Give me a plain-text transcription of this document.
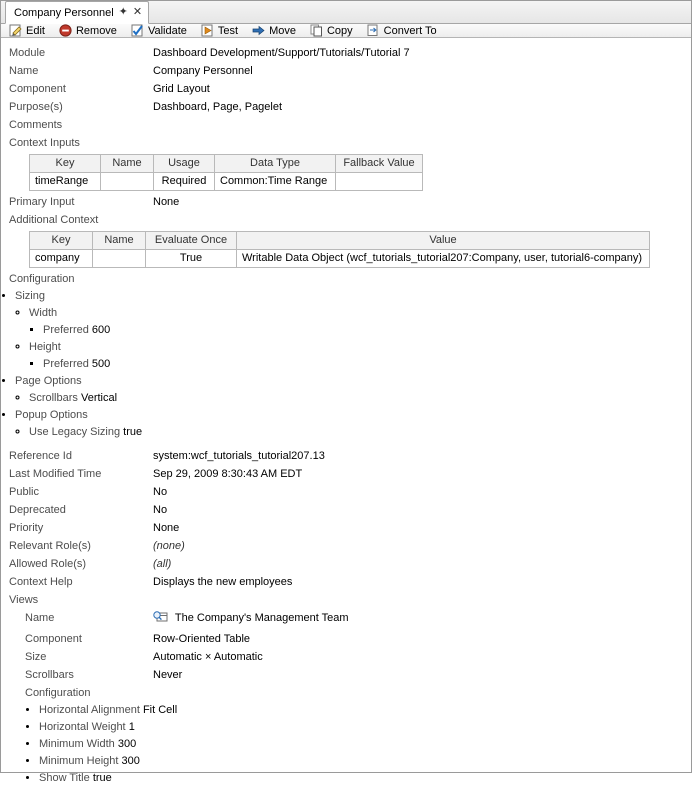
Company Personnel ✦ ✕
Edit	Remove	Validate	Test	Move	Copy	Convert To
Module	Dashboard Development/Support/Tutorials/Tutorial 7
Name	Company Personnel
Component	Grid Layout
Purpose(s)	Dashboard, Page, Pagelet
Comments
Context Inputs
Key	Name	Usage	Data Type	Fallback Value
timeRange		Required	Common:Time Range	
Primary Input	None
Additional Context
Key	Name	Evaluate Once	Value
company		True	Writable Data Object (wcf_tutorials_tutorial207:Company, user, tutorial6-company)
Configuration
• Sizing
◦ Width
▪ Preferred 600
◦ Height
▪ Preferred 500
• Page Options
◦ Scrollbars Vertical
• Popup Options
◦ Use Legacy Sizing true
Reference Id	system:wcf_tutorials_tutorial207.13
Last Modified Time	Sep 29, 2009 8:30:43 AM EDT
Public	No
Deprecated	No
Priority	None
Relevant Role(s)	(none)
Allowed Role(s)	(all)
Context Help	Displays the new employees
Views
Name	The Company's Management Team
Component	Row-Oriented Table
Size	Automatic × Automatic
Scrollbars	Never
Configuration
• Horizontal Alignment Fit Cell
• Horizontal Weight 1
• Minimum Width 300
• Minimum Height 300
• Show Title true
